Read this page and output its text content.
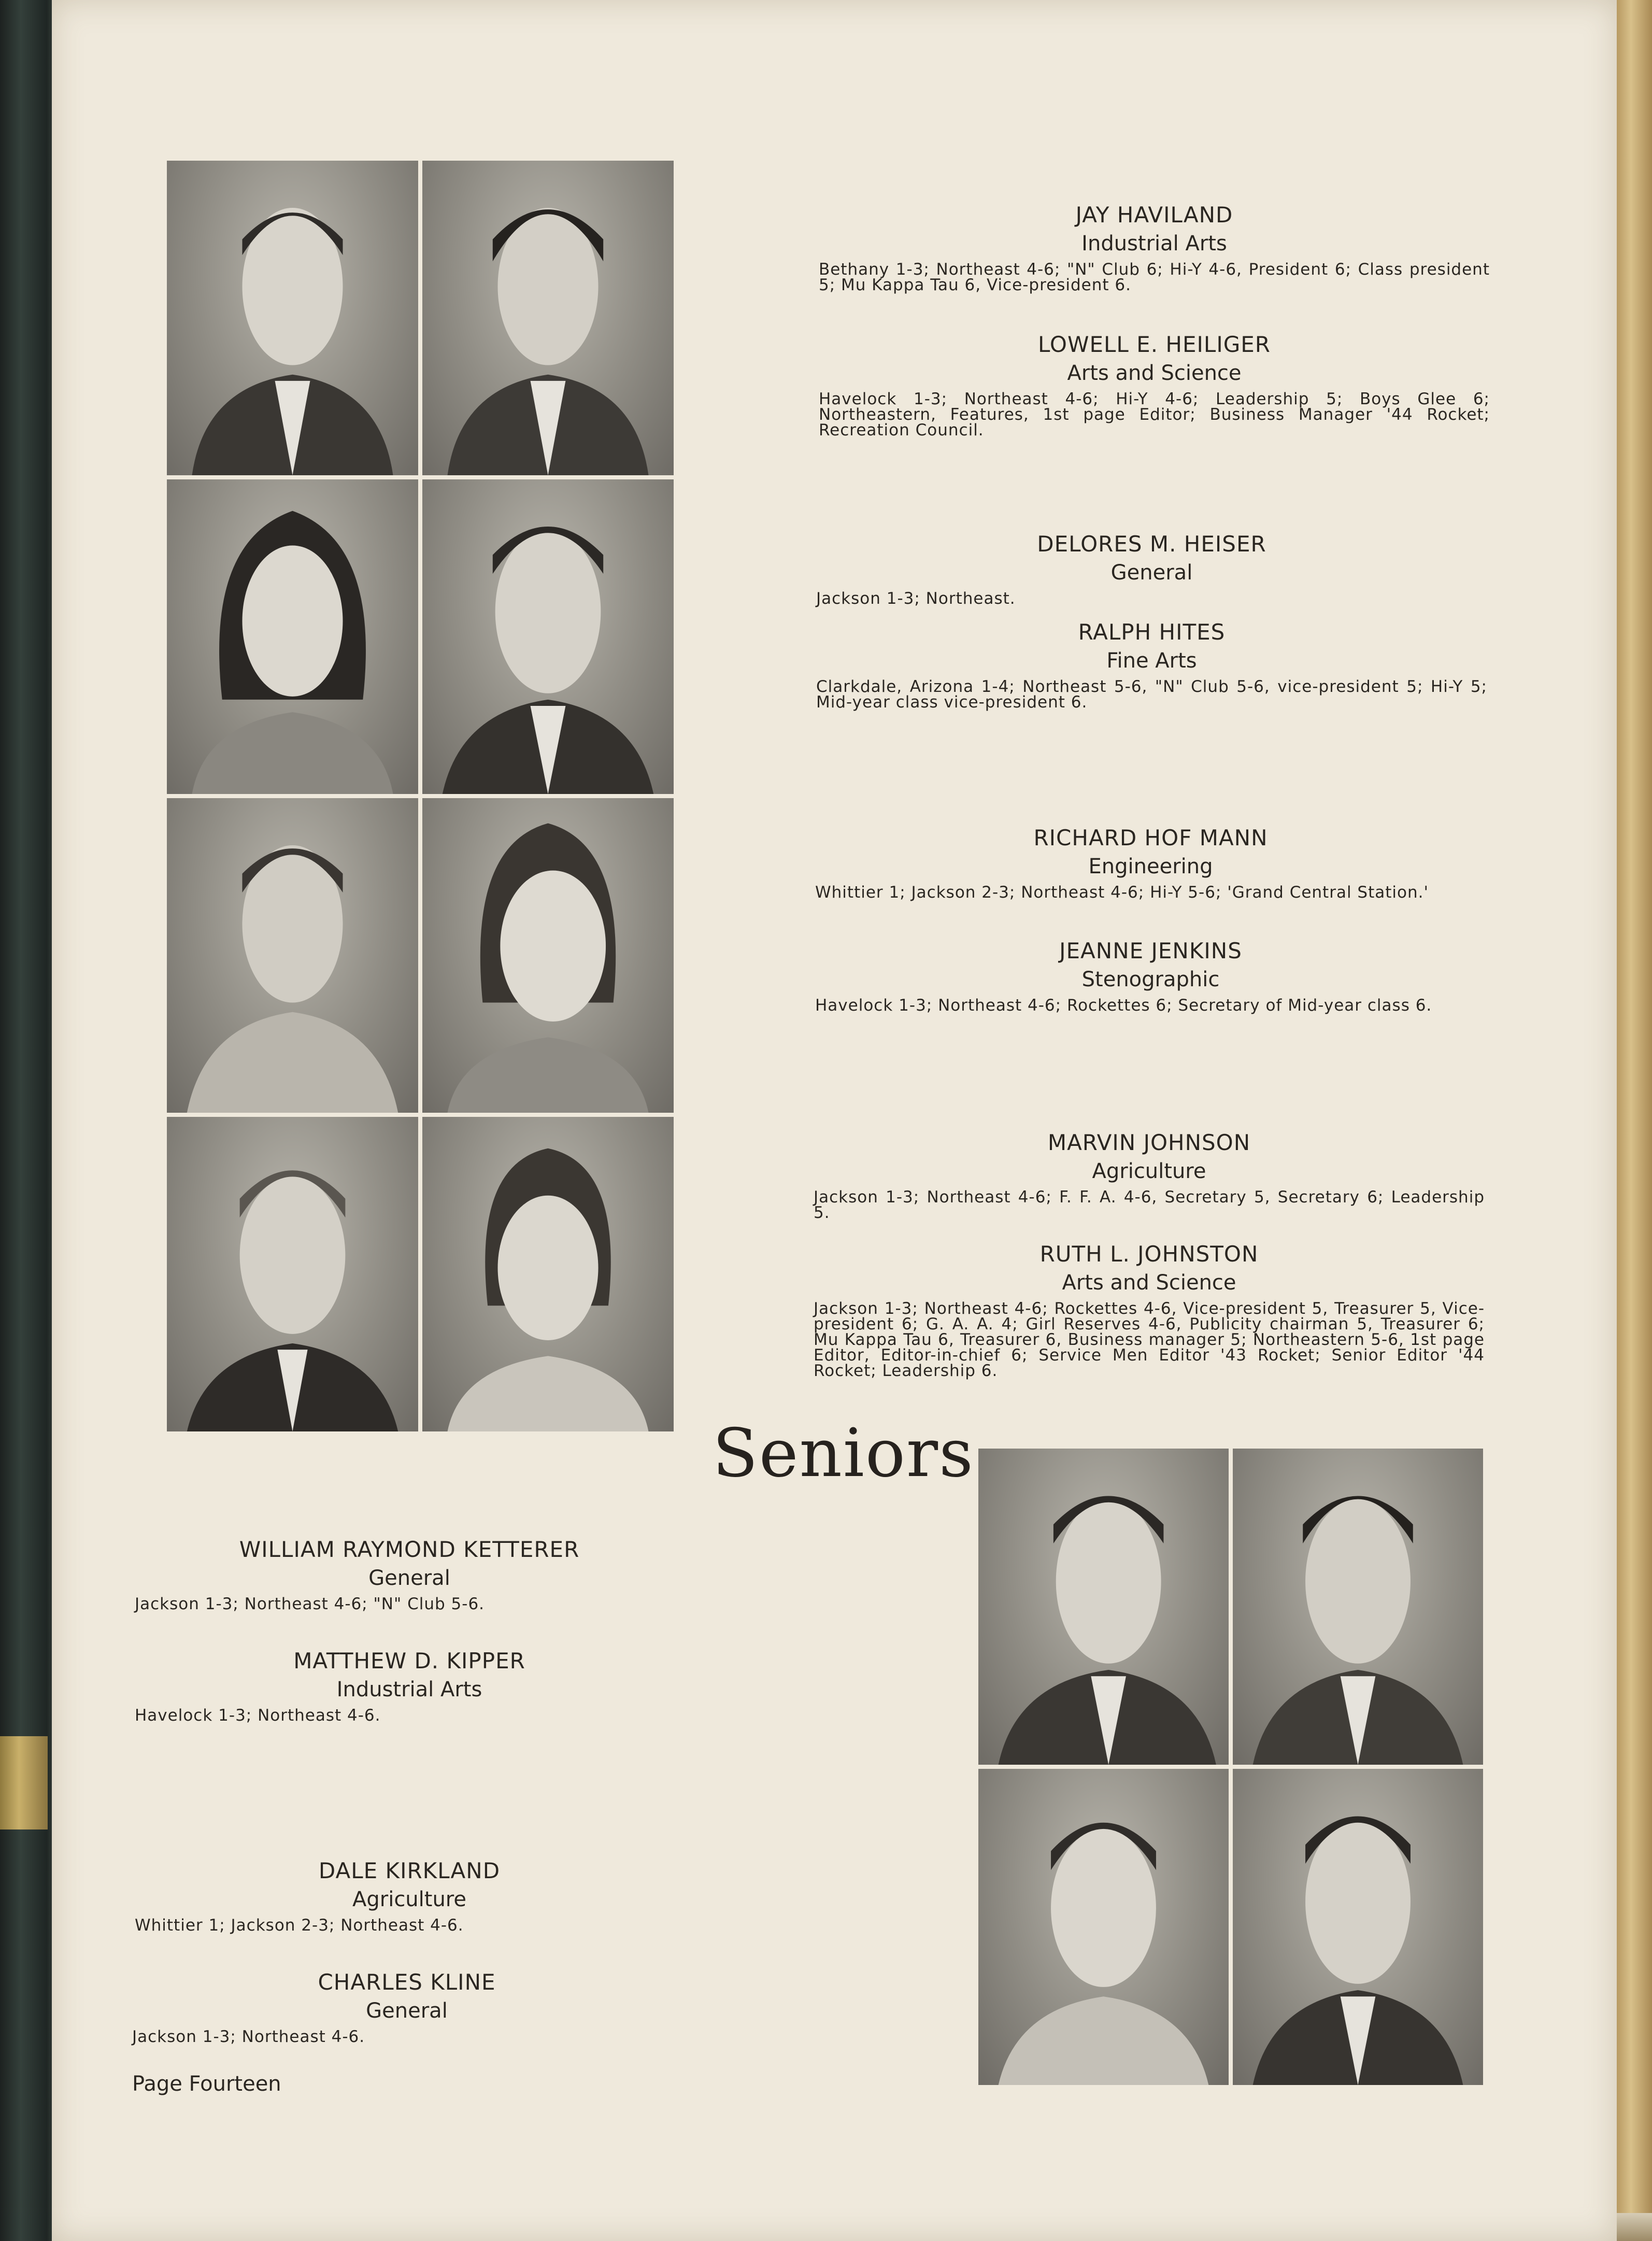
JAY HAVILAND
Industrial Arts
Bethany 1-3; Northeast 4-6; "N" Club 6; Hi-Y 4-6, President 6; Class president 5; Mu Kappa Tau 6, Vice-president 6.
LOWELL E. HEILIGER
Arts and Science
Havelock 1-3; Northeast 4-6; Hi-Y 4-6; Leadership 5; Boys Glee 6; Northeastern, Features, 1st page Editor; Business Manager '44 Rocket; Recreation Council.
DELORES M. HEISER
General
Jackson 1-3; Northeast.
RALPH HITES
Fine Arts
Clarkdale, Arizona 1-4; Northeast 5-6, "N" Club 5-6, vice-president 5; Hi-Y 5; Mid-year class vice-president 6.
RICHARD HOF MANN
Engineering
Whittier 1; Jackson 2-3; Northeast 4-6; Hi-Y 5-6; 'Grand Central Station.'
JEANNE JENKINS
Stenographic
Havelock 1-3; Northeast 4-6; Rockettes 6; Secretary of Mid-year class 6.
MARVIN JOHNSON
Agriculture
Jackson 1-3; Northeast 4-6; F. F. A. 4-6, Secretary 5, Secretary 6; Leadership 5.
RUTH L. JOHNSTON
Arts and Science
Jackson 1-3; Northeast 4-6; Rockettes 4-6, Vice-president 5, Treasurer 5, Vice-president 6; G. A. A. 4; Girl Reserves 4-6, Publicity chairman 5, Treasurer 6; Mu Kappa Tau 6, Treasurer 6, Business manager 5; Northeastern 5-6, 1st page Editor, Editor-in-chief 6; Service Men Editor '43 Rocket; Senior Editor '44 Rocket; Leadership 6.
Seniors
WILLIAM RAYMOND KETTERER
General
Jackson 1-3; Northeast 4-6; "N" Club 5-6.
MATTHEW D. KIPPER
Industrial Arts
Havelock 1-3; Northeast 4-6.
DALE KIRKLAND
Agriculture
Whittier 1; Jackson 2-3; Northeast 4-6.
CHARLES KLINE
General
Jackson 1-3; Northeast 4-6.
Page Fourteen
